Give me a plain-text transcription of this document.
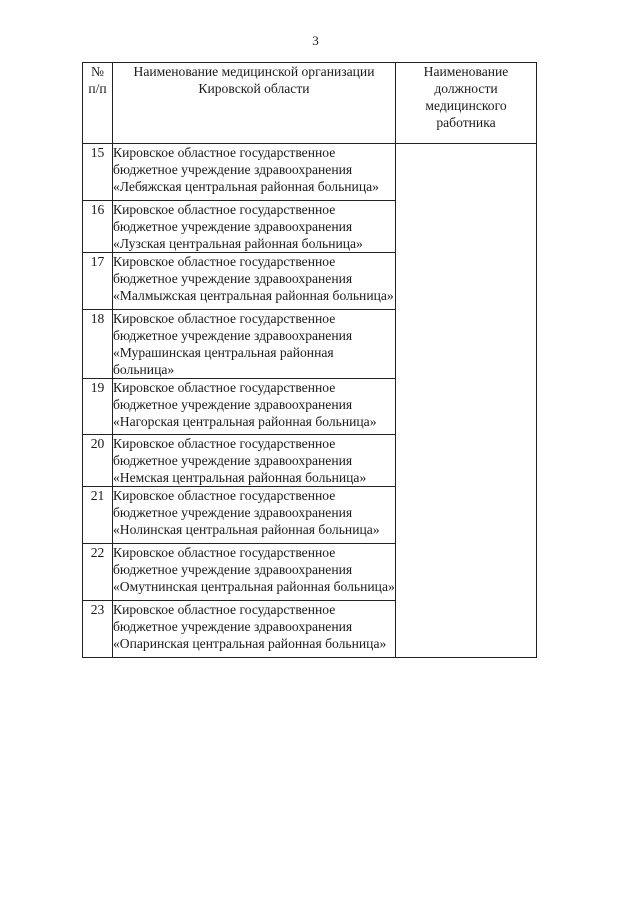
3
№
п/п	Наименование медицинской организации Кировской области	Наименование должности медицинского работника
15	Кировское областное государственное бюджетное учреждение здравоохранения «Лебяжская центральная районная больница»	
16	Кировское областное государственное бюджетное учреждение здравоохранения «Лузская центральная районная больница»	
17	Кировское областное государственное бюджетное учреждение здравоохранения «Малмыжская центральная районная больница»	
18	Кировское областное государственное бюджетное учреждение здравоохранения «Мурашинская центральная районная больница»	
19	Кировское областное государственное бюджетное учреждение здравоохранения «Нагорская центральная районная больница»	
20	Кировское областное государственное бюджетное учреждение здравоохранения «Немская центральная районная больница»	
21	Кировское областное государственное бюджетное учреждение здравоохранения «Нолинская центральная районная больница»	
22	Кировское областное государственное бюджетное учреждение здравоохранения «Омутнинская центральная районная больница»	
23	Кировское областное государственное бюджетное учреждение здравоохранения «Опаринская центральная районная больница»	
